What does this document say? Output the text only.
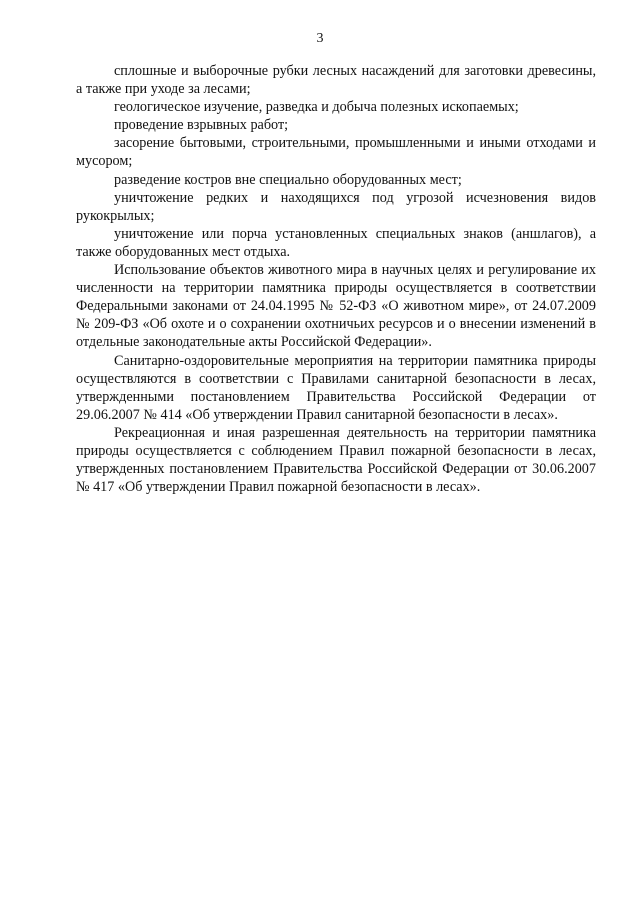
3

сплошные и выборочные рубки лесных насаждений для заготовки древесины, а также при уходе за лесами;

геологическое изучение, разведка и добыча полезных ископаемых;

проведение взрывных работ;

засорение бытовыми, строительными, промышленными и иными отходами и мусором;

разведение костров вне специально оборудованных мест;

уничтожение редких и находящихся под угрозой исчезновения видов рукокрылых;

уничтожение или порча установленных специальных знаков (аншлагов), а также оборудованных мест отдыха.

Использование объектов животного мира в научных целях и регулирование их численности на территории памятника природы осуществляется в соответствии Федеральными законами от 24.04.1995 № 52-ФЗ «О животном мире», от 24.07.2009 № 209-ФЗ «Об охоте и о сохранении охотничьих ресурсов и о внесении изменений в отдельные законодательные акты Российской Федерации».

Санитарно-оздоровительные мероприятия на территории памятника природы осуществляются в соответствии с Правилами санитарной безопасности в лесах, утвержденными постановлением Правительства Российской Федерации от 29.06.2007 № 414 «Об утверждении Правил санитарной безопасности в лесах».

Рекреационная и иная разрешенная деятельность на территории памятника природы осуществляется с соблюдением Правил пожарной безопасности в лесах, утвержденных постановлением Правительства Российской Федерации от 30.06.2007 № 417 «Об утверждении Правил пожарной безопасности в лесах».
